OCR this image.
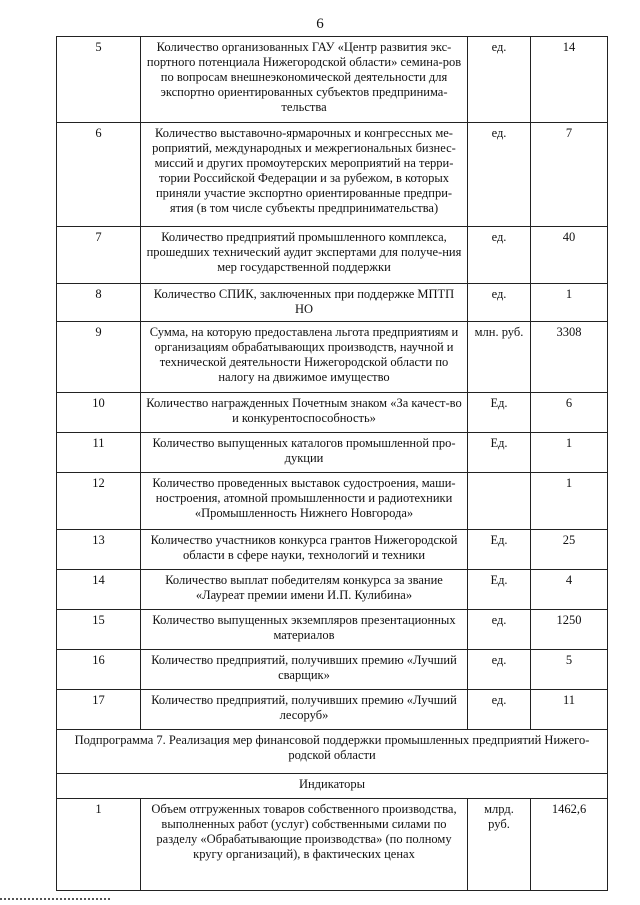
6
5	Количество организованных ГАУ «Центр развития экс-портного потенциала Нижегородской области» семина-ров по вопросам внешнеэкономической деятельности для экспортно ориентированных субъектов предпринима-тельства	ед.	14
6	Количество выставочно-ярмарочных и конгрессных ме-роприятий, международных и межрегиональных бизнес-миссий и других промоутерских мероприятий на терри-тории Российской Федерации и за рубежом, в которых приняли участие экспортно ориентированные предпри-ятия (в том числе субъекты предпринимательства)	ед.	7
7	Количество предприятий промышленного комплекса, прошедших технический аудит экспертами для получе-ния мер государственной поддержки	ед.	40
8	Количество СПИК, заключенных при поддержке МПТП НО	ед.	1
9	Сумма, на которую предоставлена льгота предприятиям и организациям обрабатывающих производств, научной и технической деятельности Нижегородской области по налогу на движимое имущество	млн. руб.	3308
10	Количество награжденных Почетным знаком «За качест-во и конкурентоспособность»	Ед.	6
11	Количество выпущенных каталогов промышленной про-дукции	Ед.	1
12	Количество проведенных выставок судостроения, маши-ностроения, атомной промышленности и радиотехники «Промышленность Нижнего Новгорода»		1
13	Количество участников конкурса грантов Нижегородской области в сфере науки, технологий и техники	Ед.	25
14	Количество выплат победителям конкурса за звание «Лауреат премии имени И.П. Кулибина»	Ед.	4
15	Количество выпущенных экземпляров презентационных материалов	ед.	1250
16	Количество предприятий, получивших премию «Лучший сварщик»	ед.	5
17	Количество предприятий, получивших премию «Лучший лесоруб»	ед.	11
Подпрограмма 7. Реализация мер финансовой поддержки промышленных предприятий Нижего-родской области			
Индикаторы			
1	Объем отгруженных товаров собственного производства, выполненных работ (услуг) собственными силами по разделу «Обрабатывающие производства» (по полному кругу организаций), в фактических ценах	млрд. руб.	1462,6
